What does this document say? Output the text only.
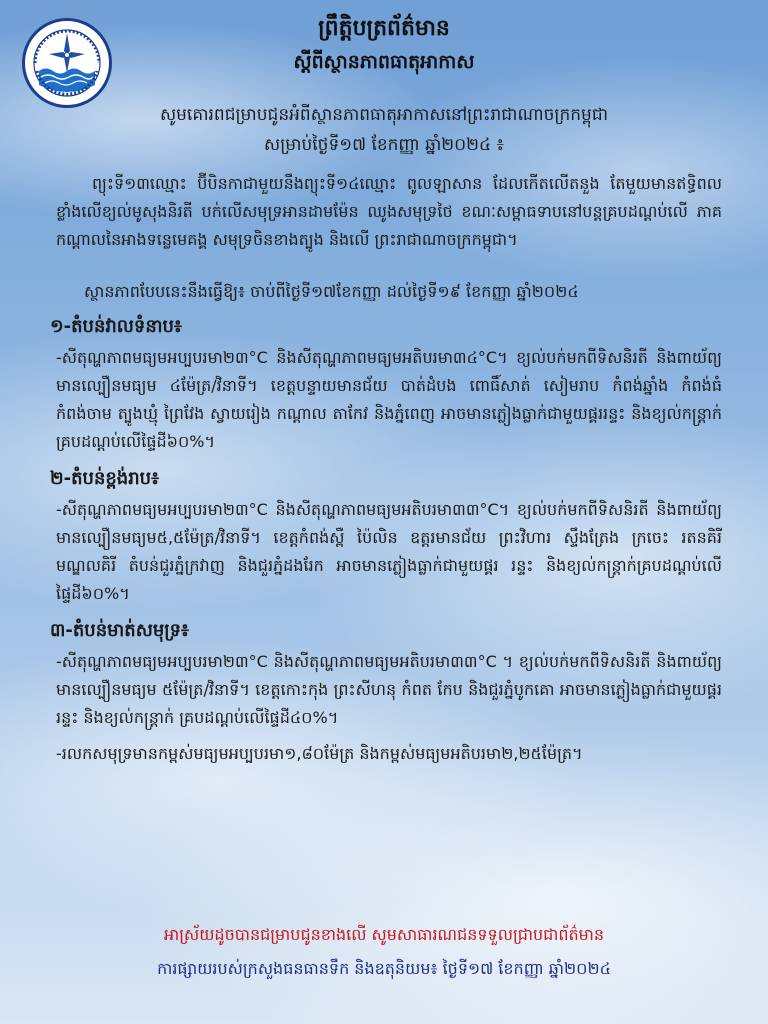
ព្រឹត្តិបត្រព័ត៌មាន
ស្ដីពីស្ថានភាពធាតុអាកាស
សូមគោរពជម្រាបជូនអំពីស្ថានភាពធាតុអាកាសនៅព្រះរាជាណាចក្រកម្ពុជា
សម្រាប់ថ្ងៃទី១៧ ខែកញ្ញា ឆ្នាំ២០២៤ ៖

ព្យុះទី១៣ឈ្មោះ ប៊ីបិនកាជាមួយនឹងព្យុះទី១៤ឈ្មោះ ពូលឡាសាន ដែលកើតលើតនួង តែមួយមានឥទ្ធិពលខ្លាំងលើខ្យល់មូសុងនិរតី បក់លើសមុទ្រអានដាមម៉ែន ឈូងសមុទ្រថៃ ខណៈសម្ពាធទាបនៅបន្តគ្របដណ្ដប់លើ ភាគកណ្ដាលនៃអាងទន្លេមេគង្គ សមុទ្រចិនខាងត្បូង និងលើ ព្រះរាជាណាចក្រកម្ពុជា។

ស្ថានភាពបែបនេះនឹងធ្វើឱ្យ៖ ចាប់ពីថ្ងៃទី១៧ខែកញ្ញា ដល់ថ្ងៃទី១៩ ខែកញ្ញា ឆ្នាំ២០២៤

១-តំបន់វាលទំនាប៖
-សីតុណ្ហភាពមធ្យមអប្បបរមា២៣°C និងសីតុណ្ហភាពមធ្យមអតិបរមា៣៤°C។ ខ្យល់បក់មកពីទិសនិរតី និងពាយ័ព្យមានល្បឿនមធ្យម ៤ម៉ែត្រ/វិនាទី។ ខេត្តបន្ទាយមានជ័យ បាត់ដំបង ពោធិ៍សាត់ សៀមរាប កំពង់ឆ្នាំង កំពង់ធំ កំពង់ចាម ត្បូងឃ្មុំ ព្រៃវែង ស្វាយរៀង កណ្តាល តាកែវ និងភ្នំពេញ អាចមានភ្លៀងធ្លាក់ជាមួយផ្គររន្ទះ និងខ្យល់កន្ត្រាក់គ្របដណ្ដប់លើផ្ទៃដី៦០%។
២-តំបន់ខ្ពង់រាប៖
-សីតុណ្ហភាពមធ្យមអប្បបរមា២៣°C និងសីតុណ្ហភាពមធ្យមអតិបរមា៣៣°C។ ខ្យល់បក់មកពីទិសនិរតី និងពាយ័ព្យមានល្បឿនមធ្យម៥,៥ម៉ែត្រ/វិនាទី។ ខេត្តកំពង់ស្ពឺ ប៉ៃលិន ឧត្តរមានជ័យ ព្រះវិហារ ស្ទឹងត្រែង ក្រចេះ រតនគិរី មណ្ឌលគិរី តំបន់ជួរភ្នំក្រវាញ និងជួរភ្នំដងរែក អាចមានភ្លៀងធ្លាក់ជាមួយផ្គរ រន្ទះ និងខ្យល់កន្ត្រាក់គ្របដណ្ដប់លើផ្ទៃដី៦០%។
៣-តំបន់មាត់សមុទ្រ៖
-សីតុណ្ហភាពមធ្យមអប្បបរមា២៣°C និងសីតុណ្ហភាពមធ្យមអតិបរមា៣៣°C ។ ខ្យល់បក់មកពីទិសនិរតី និងពាយ័ព្យមានល្បឿនមធ្យម ៥ម៉ែត្រ/វិនាទី។ ខេត្តកោះកុង ព្រះសីហនុ កំពត កែប និងជួរភ្នំបូកគោ អាចមានភ្លៀងធ្លាក់ជាមួយផ្គរ រន្ទះ និងខ្យល់កន្ត្រាក់ គ្របដណ្ដប់លើផ្ទៃដី៤០%។
-រលកសមុទ្រមានកម្ពស់មធ្យមអប្បបរមា១,៨០ម៉ែត្រ និងកម្ពស់មធ្យមអតិបរមា២,២៥ម៉ែត្រ។
អាស្រ័យដូចបានជម្រាបជូនខាងលើ សូមសាធារណជនទទួលជ្រាបជាព័ត៌មាន
ការផ្សាយរបស់ក្រសួងធនធានទឹក និងឧតុនិយម៖ ថ្ងៃទី១៧ ខែកញ្ញា ឆ្នាំ២០២៤
